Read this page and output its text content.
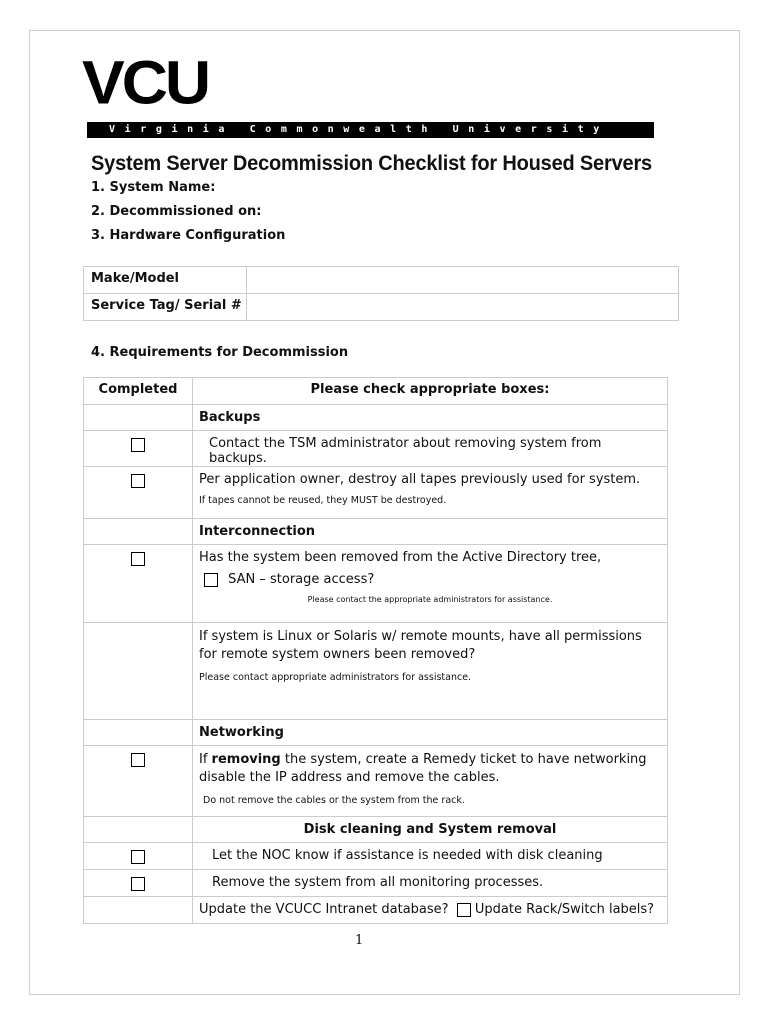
VCU
Virginia Commonwealth University
System Server Decommission Checklist for Housed Servers
1. System Name:
2. Decommissioned on:
3. Hardware Configuration
Make/Model	
Service Tag/ Serial #	
4. Requirements for Decommission
Completed	Please check appropriate boxes:
	Backups
	Contact the TSM administrator about removing system from backups.

	Per application owner, destroy all tapes previously used for system.
If tapes cannot be reused, they MUST be destroyed.

	Interconnection

	Has the system been removed from the Active Directory tree,
SAN – storage access?
Please contact the appropriate administrators for assistance.

	If system is Linux or Solaris w/ remote mounts, have all permissions for remote system owners been removed?
Please contact appropriate administrators for assistance.

	Networking

	If removing the system, create a Remedy ticket to have networking disable the IP address and remove the cables.
Do not remove the cables or the system from the rack.

	Disk cleaning and System removal
	Let the NOC know if assistance is needed with disk cleaning
	Remove the system from all monitoring processes.
	Update the VCUCC Intranet database? Update Rack/Switch labels?
1
